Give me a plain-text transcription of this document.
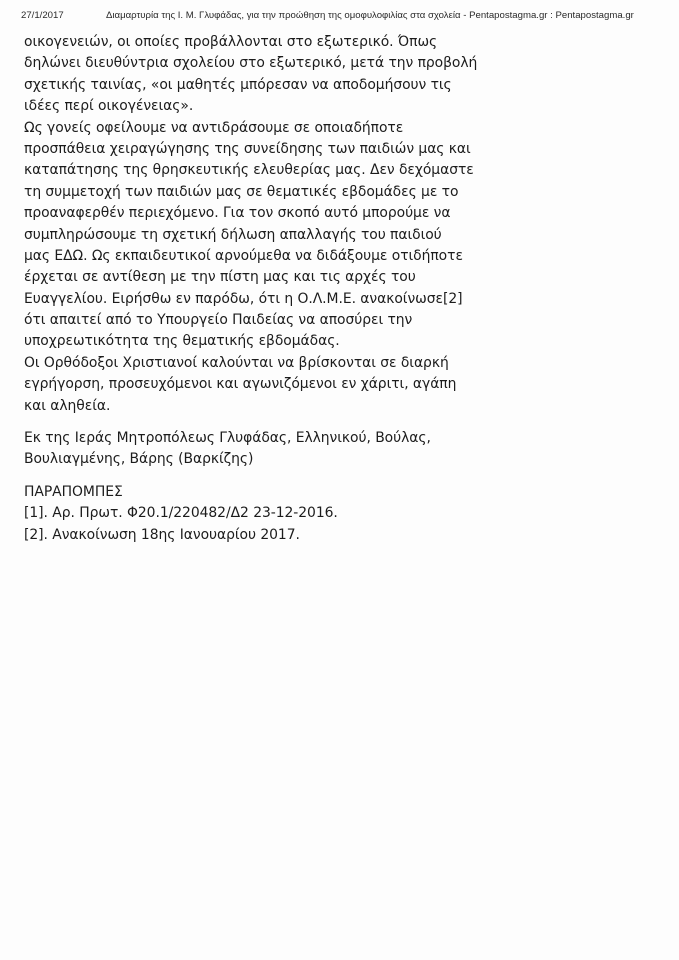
27/1/2017	Διαμαρτυρία της Ι. Μ. Γλυφάδας, για την προώθηση της ομοφυλοφιλίας στα σχολεία - Pentapostagma.gr : Pentapostagma.gr
οικογενειών, οι οποίες προβάλλονται στο εξωτερικό. Όπως
δηλώνει διευθύντρια σχολείου στο εξωτερικό, μετά την προβολή
σχετικής ταινίας, «οι μαθητές μπόρεσαν να αποδομήσουν τις
ιδέες περί οικογένειας».
Ως γονείς οφείλουμε να αντιδράσουμε σε οποιαδήποτε
προσπάθεια χειραγώγησης της συνείδησης των παιδιών μας και
καταπάτησης της θρησκευτικής ελευθερίας μας. Δεν δεχόμαστε
τη συμμετοχή των παιδιών μας σε θεματικές εβδομάδες με το
προαναφερθέν περιεχόμενο. Για τον σκοπό αυτό μπορούμε να
συμπληρώσουμε τη σχετική δήλωση απαλλαγής του παιδιού
μας ΕΔΩ. Ως εκπαιδευτικοί αρνούμεθα να διδάξουμε οτιδήποτε
έρχεται σε αντίθεση με την πίστη μας και τις αρχές του
Ευαγγελίου. Ειρήσθω εν παρόδω, ότι η Ο.Λ.Μ.Ε. ανακοίνωσε[2]
ότι απαιτεί από το Υπουργείο Παιδείας να αποσύρει την
υποχρεωτικότητα της θεματικής εβδομάδας.
Οι Ορθόδοξοι Χριστιανοί καλούνται να βρίσκονται σε διαρκή
εγρήγορση, προσευχόμενοι και αγωνιζόμενοι εν χάριτι, αγάπη
και αληθεία.
Εκ της Ιεράς Μητροπόλεως Γλυφάδας, Ελληνικού, Βούλας,
Βουλιαγμένης, Βάρης (Βαρκίζης)
ΠΑΡΑΠΟΜΠΕΣ
[1]. Αρ. Πρωτ. Φ20.1/220482/Δ2 23-12-2016.
[2]. Ανακοίνωση 18ης Ιανουαρίου 2017.
